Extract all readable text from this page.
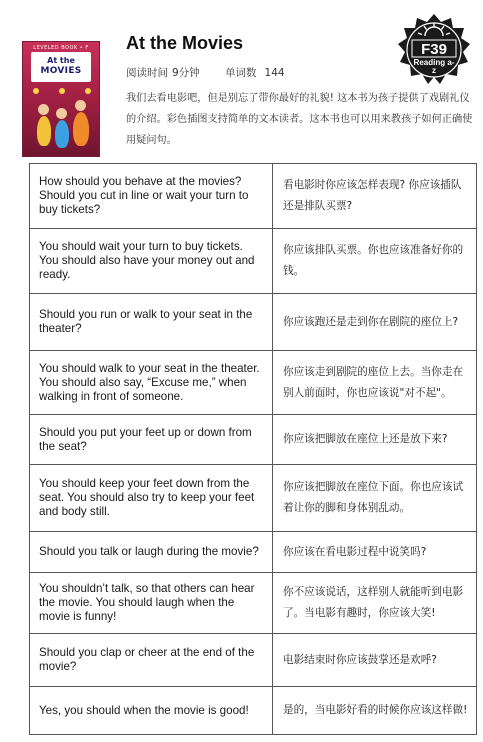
LEVELED BOOK • F
At the
MOVIES
At the Movies
阅读时间 9分钟 单词数 144
我们去看电影吧，但是别忘了带你最好的礼貌! 这本书为孩子提供了戏剧礼仪的介绍。彩色插图支持简单的文本读者。这本书也可以用来教孩子如何正确使用疑问句。
F39
Reading a-z
How should you behave at the movies? Should you cut in line or wait your turn to buy tickets?	看电影时你应该怎样表现? 你应该插队还是排队买票?
You should wait your turn to buy tickets. You should also have your money out and ready.	你应该排队买票。你也应该准备好你的钱。
Should you run or walk to your seat in the theater?	你应该跑还是走到你在剧院的座位上?
You should walk to your seat in the theater. You should also say, “Excuse me,” when walking in front of someone.	你应该走到剧院的座位上去。当你走在别人前面时，你也应该说"对不起"。
Should you put your feet up or down from the seat?	你应该把脚放在座位上还是放下来?
You should keep your feet down from the seat. You should also try to keep your feet and body still.	你应该把脚放在座位下面。你也应该试着让你的脚和身体别乱动。
Should you talk or laugh during the movie?	你应该在看电影过程中说笑吗?
You shouldn’t talk, so that others can hear the movie. You should laugh when the movie is funny!	你不应该说话，这样别人就能听到电影了。当电影有趣时，你应该大笑!
Should you clap or cheer at the end of the movie?	电影结束时你应该鼓掌还是欢呼?
Yes, you should when the movie is good!	是的，当电影好看的时候你应该这样做!
